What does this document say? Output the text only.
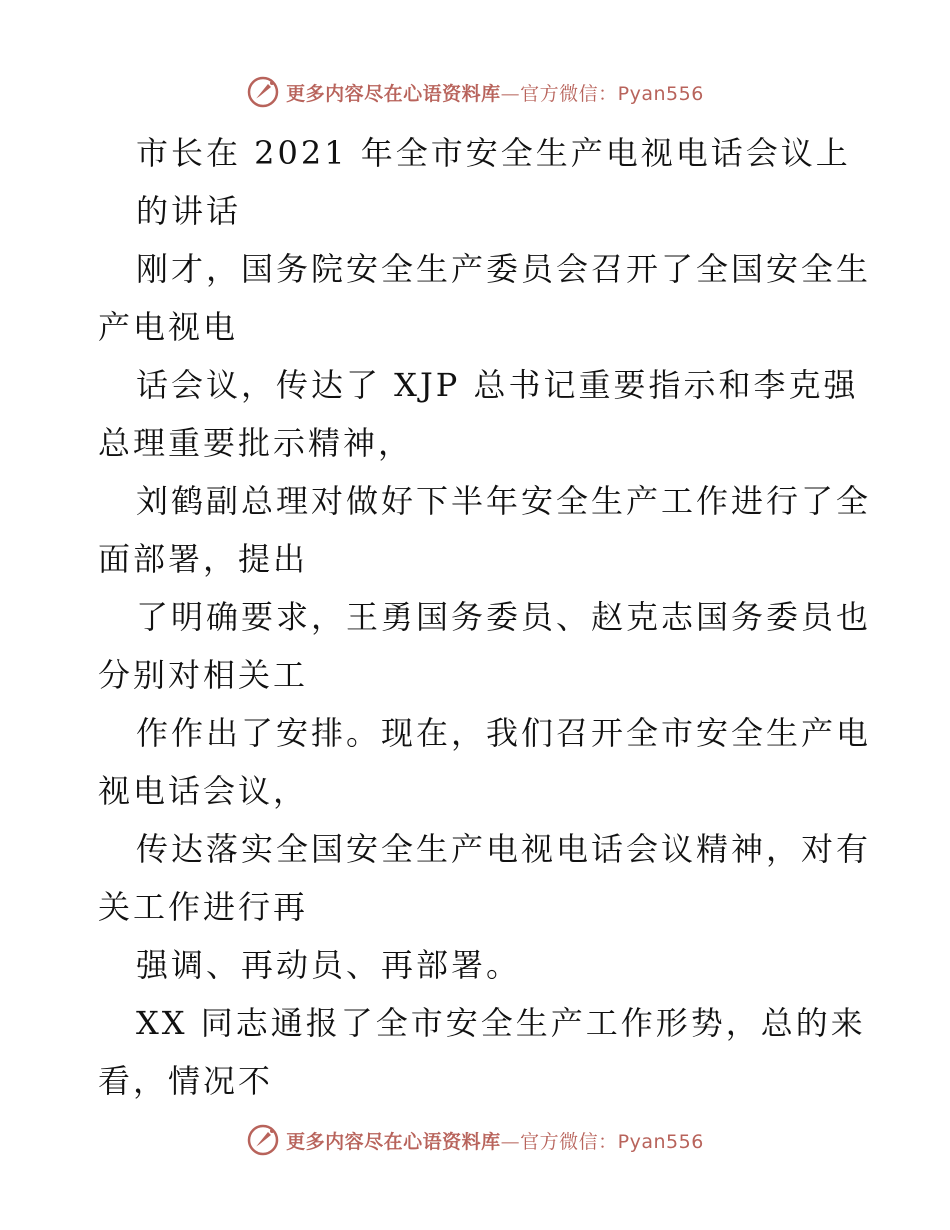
更多内容尽在心语资料库—官方微信：Pyan556
市长在 2021 年全市安全生产电视电话会议上
的讲话
刚才，国务院安全生产委员会召开了全国安全生
产电视电
话会议，传达了 XJP 总书记重要指示和李克强
总理重要批示精神，
刘鹤副总理对做好下半年安全生产工作进行了全
面部署，提出
了明确要求，王勇国务委员、赵克志国务委员也
分别对相关工
作作出了安排。现在，我们召开全市安全生产电
视电话会议，
传达落实全国安全生产电视电话会议精神，对有
关工作进行再
强调、再动员、再部署。
XX 同志通报了全市安全生产工作形势，总的来
看，情况不
更多内容尽在心语资料库—官方微信：Pyan556
